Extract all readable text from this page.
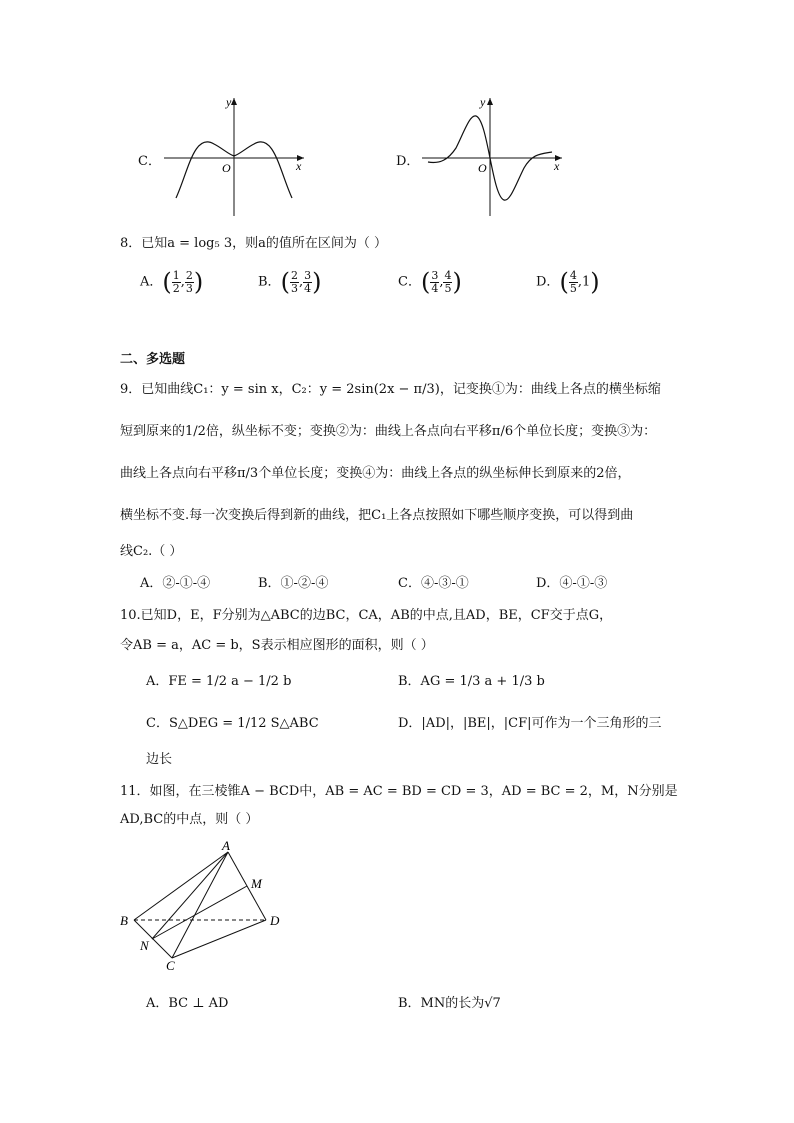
C．
y
x
O	D．
y
x
O
8．已知a = log₅ 3，则a的值所在区间为（ ）
A．( $\frac{1}{2}$ , $\frac{2}{3}$ )	B．( $\frac{2}{3}$ , $\frac{3}{4}$ )	C．( $\frac{3}{4}$ , $\frac{4}{5}$ )	D．( $\frac{4}{5} ,1$)
二、多选题
9．已知曲线C₁：y = sin x，C₂：y = 2sin(2x − π/3)，记变换①为：曲线上各点的横坐标缩
短到原来的1/2倍，纵坐标不变；变换②为：曲线上各点向右平移π/6个单位长度；变换③为：
曲线上各点向右平移π/3个单位长度；变换④为：曲线上各点的纵坐标伸长到原来的2倍，
横坐标不变.每一次变换后得到新的曲线，把C₁上各点按照如下哪些顺序变换，可以得到曲
线C₂.（ ）
A．②-①-④	B．①-②-④	C．④-③-①	D．④-①-③
10.已知D，E，F分别为△ABC的边BC，CA，AB的中点,且AD，BE，CF交于点G，
令AB = a，AC = b，S表示相应图形的面积，则（ ）
A．FE = 1/2 a − 1/2 b	B．AG = 1/3 a + 1/3 b
C．S△DEG = 1/12 S△ABC	D．|AD|，|BE|，|CF|可作为一个三角形的三
边长
11．如图，在三棱锥A − BCD中，AB = AC = BD = CD = 3，AD = BC = 2，M，N分别是
AD,BC的中点，则（ ）
A
B
C
D
M
N
A．BC ⊥ AD	B．MN的长为√7
